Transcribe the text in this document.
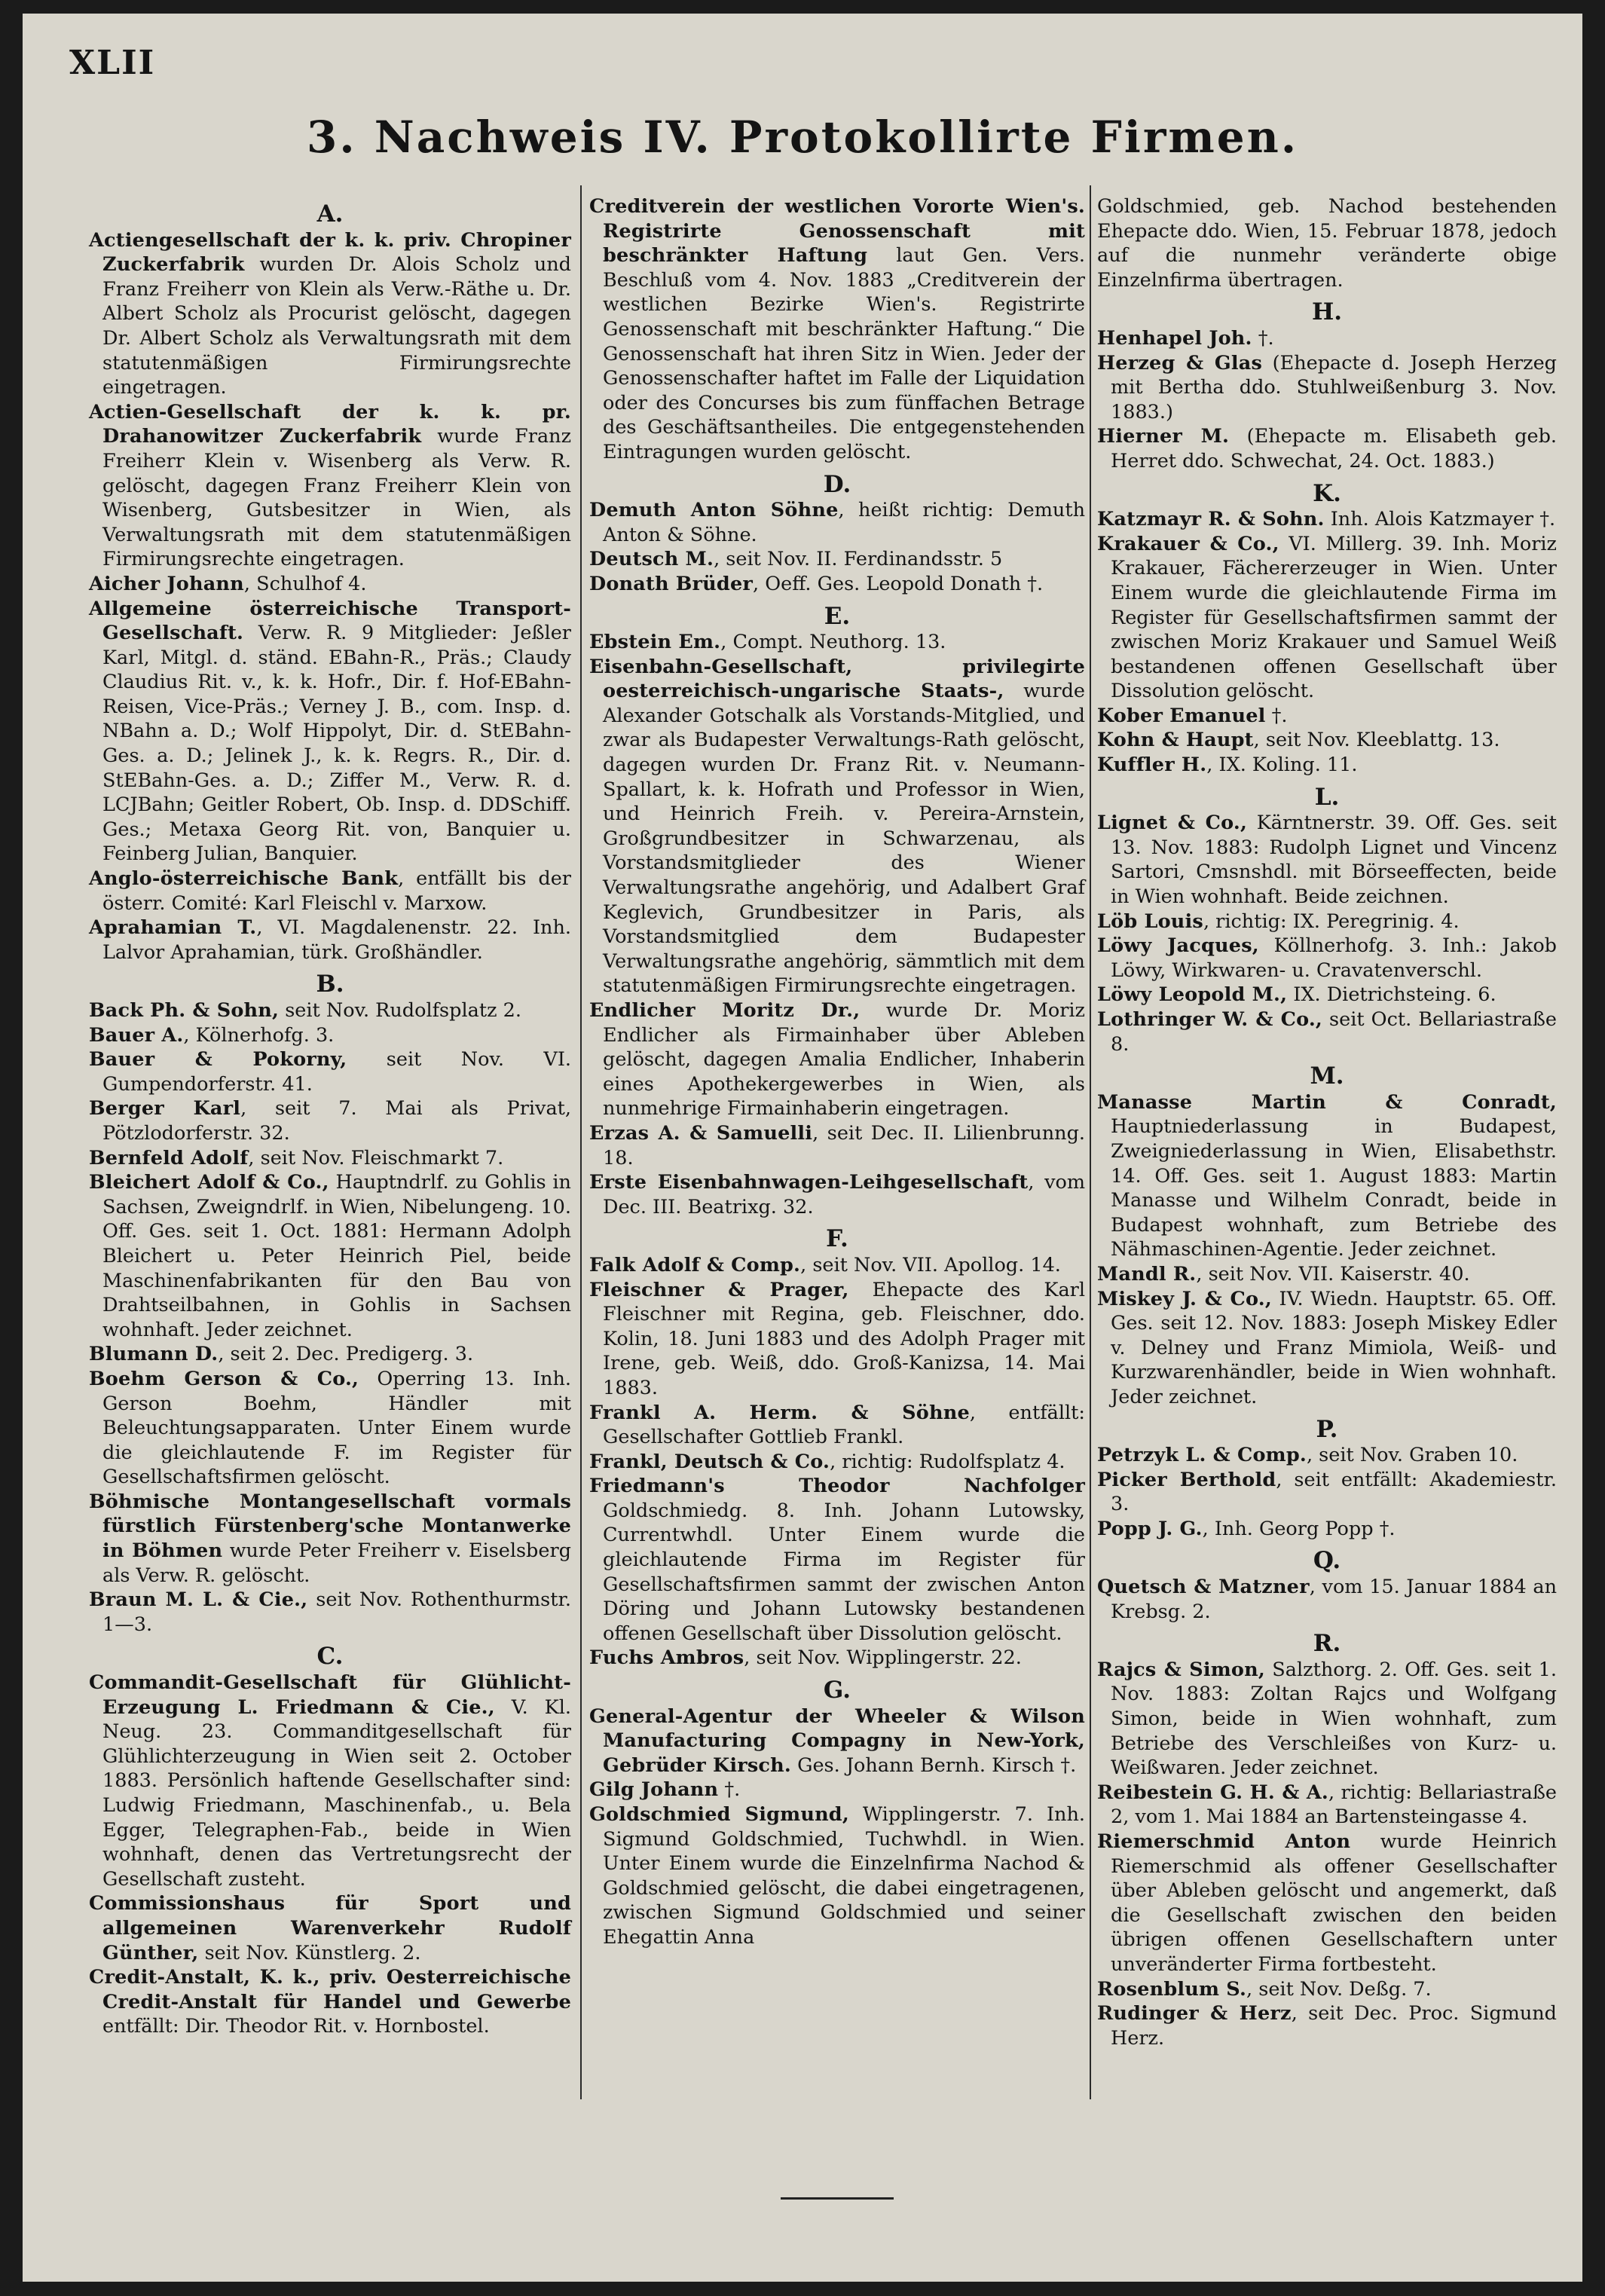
XLII
3. Nachweis IV. Protokollirte Firmen.
A.

Actiengesellschaft der k. k. priv. Chropiner Zuckerfabrik wurden Dr. Alois Scholz und Franz Freiherr von Klein als Verw.-Räthe u. Dr. Albert Scholz als Procurist gelöscht, dagegen Dr. Albert Scholz als Verwaltungsrath mit dem statutenmäßigen Firmirungsrechte eingetragen.

Actien-Gesellschaft der k. k. pr. Drahanowitzer Zuckerfabrik wurde Franz Freiherr Klein v. Wisenberg als Verw. R. gelöscht, dagegen Franz Freiherr Klein von Wisenberg, Gutsbesitzer in Wien, als Verwaltungsrath mit dem statutenmäßigen Firmirungsrechte eingetragen.

Aicher Johann, Schulhof 4.

Allgemeine österreichische Transport-Gesellschaft. Verw. R. 9 Mitglieder: Jeßler Karl, Mitgl. d. ständ. EBahn-R., Präs.; Claudy Claudius Rit. v., k. k. Hofr., Dir. f. Hof-EBahn-Reisen, Vice-Präs.; Verney J. B., com. Insp. d. NBahn a. D.; Wolf Hippolyt, Dir. d. StEBahn-Ges. a. D.; Jelinek J., k. k. Regrs. R., Dir. d. StEBahn-Ges. a. D.; Ziffer M., Verw. R. d. LCJBahn; Geitler Robert, Ob. Insp. d. DDSchiff. Ges.; Metaxa Georg Rit. von, Banquier u. Feinberg Julian, Banquier.

Anglo-österreichische Bank, entfällt bis der österr. Comité: Karl Fleischl v. Marxow.

Aprahamian T., VI. Magdalenenstr. 22. Inh. Lalvor Aprahamian, türk. Großhändler.

B.

Back Ph. & Sohn, seit Nov. Rudolfsplatz 2.

Bauer A., Kölnerhofg. 3.

Bauer & Pokorny, seit Nov. VI. Gumpendorferstr. 41.

Berger Karl, seit 7. Mai als Privat, Pötzlodorferstr. 32.

Bernfeld Adolf, seit Nov. Fleischmarkt 7.

Bleichert Adolf & Co., Hauptndrlf. zu Gohlis in Sachsen, Zweigndrlf. in Wien, Nibelungeng. 10. Off. Ges. seit 1. Oct. 1881: Hermann Adolph Bleichert u. Peter Heinrich Piel, beide Maschinenfabrikanten für den Bau von Drahtseilbahnen, in Gohlis in Sachsen wohnhaft. Jeder zeichnet.

Blumann D., seit 2. Dec. Predigerg. 3.

Boehm Gerson & Co., Operring 13. Inh. Gerson Boehm, Händler mit Beleuchtungsapparaten. Unter Einem wurde die gleichlautende F. im Register für Gesellschaftsfirmen gelöscht.

Böhmische Montangesellschaft vormals fürstlich Fürstenberg'sche Montanwerke in Böhmen wurde Peter Freiherr v. Eiselsberg als Verw. R. gelöscht.

Braun M. L. & Cie., seit Nov. Rothenthurmstr. 1—3.

C.

Commandit-Gesellschaft für Glühlicht-Erzeugung L. Friedmann & Cie., V. Kl. Neug. 23. Commanditgesellschaft für Glühlichterzeugung in Wien seit 2. October 1883. Persönlich haftende Gesellschafter sind: Ludwig Friedmann, Maschinenfab., u. Bela Egger, Telegraphen-Fab., beide in Wien wohnhaft, denen das Vertretungsrecht der Gesellschaft zusteht.

Commissionshaus für Sport und allgemeinen Warenverkehr Rudolf Günther, seit Nov. Künstlerg. 2.

Credit-Anstalt, K. k., priv. Oesterreichische Credit-Anstalt für Handel und Gewerbe entfällt: Dir. Theodor Rit. v. Hornbostel.

Creditverein der westlichen Vororte Wien's. Registrirte Genossenschaft mit beschränkter Haftung laut Gen. Vers. Beschluß vom 4. Nov. 1883 „Creditverein der westlichen Bezirke Wien's. Registrirte Genossenschaft mit beschränkter Haftung.“ Die Genossenschaft hat ihren Sitz in Wien. Jeder der Genossenschafter haftet im Falle der Liquidation oder des Concurses bis zum fünffachen Betrage des Geschäftsantheiles. Die entgegenstehenden Eintragungen wurden gelöscht.

D.

Demuth Anton Söhne, heißt richtig: Demuth Anton & Söhne.

Deutsch M., seit Nov. II. Ferdinandsstr. 5

Donath Brüder, Oeff. Ges. Leopold Donath †.

E.

Ebstein Em., Compt. Neuthorg. 13.

Eisenbahn-Gesellschaft, privilegirte oesterreichisch-ungarische Staats-, wurde Alexander Gotschalk als Vorstands-Mitglied, und zwar als Budapester Verwaltungs-Rath gelöscht, dagegen wurden Dr. Franz Rit. v. Neumann-Spallart, k. k. Hofrath und Professor in Wien, und Heinrich Freih. v. Pereira-Arnstein, Großgrundbesitzer in Schwarzenau, als Vorstandsmitglieder des Wiener Verwaltungsrathe angehörig, und Adalbert Graf Keglevich, Grundbesitzer in Paris, als Vorstandsmitglied dem Budapester Verwaltungsrathe angehörig, sämmtlich mit dem statutenmäßigen Firmirungsrechte eingetragen.

Endlicher Moritz Dr., wurde Dr. Moriz Endlicher als Firmainhaber über Ableben gelöscht, dagegen Amalia Endlicher, Inhaberin eines Apothekergewerbes in Wien, als nunmehrige Firmainhaberin eingetragen.

Erzas A. & Samuelli, seit Dec. II. Lilienbrunng. 18.

Erste Eisenbahnwagen-Leihgesellschaft, vom Dec. III. Beatrixg. 32.

F.

Falk Adolf & Comp., seit Nov. VII. Apollog. 14.

Fleischner & Prager, Ehepacte des Karl Fleischner mit Regina, geb. Fleischner, ddo. Kolin, 18. Juni 1883 und des Adolph Prager mit Irene, geb. Weiß, ddo. Groß-Kanizsa, 14. Mai 1883.

Frankl A. Herm. & Söhne, entfällt: Gesellschafter Gottlieb Frankl.

Frankl, Deutsch & Co., richtig: Rudolfsplatz 4.

Friedmann's Theodor Nachfolger Goldschmiedg. 8. Inh. Johann Lutowsky, Currentwhdl. Unter Einem wurde die gleichlautende Firma im Register für Gesellschaftsfirmen sammt der zwischen Anton Döring und Johann Lutowsky bestandenen offenen Gesellschaft über Dissolution gelöscht.

Fuchs Ambros, seit Nov. Wipplingerstr. 22.

G.

General-Agentur der Wheeler & Wilson Manufacturing Compagny in New-York, Gebrüder Kirsch. Ges. Johann Bernh. Kirsch †.

Gilg Johann †.

Goldschmied Sigmund, Wipplingerstr. 7. Inh. Sigmund Goldschmied, Tuchwhdl. in Wien. Unter Einem wurde die Einzelnfirma Nachod & Goldschmied gelöscht, die dabei eingetragenen, zwischen Sigmund Goldschmied und seiner Ehegattin Anna

Goldschmied, geb. Nachod bestehenden Ehepacte ddo. Wien, 15. Februar 1878, jedoch auf die nunmehr veränderte obige Einzelnfirma übertragen.

H.

Henhapel Joh. †.

Herzeg & Glas (Ehepacte d. Joseph Herzeg mit Bertha ddo. Stuhlweißenburg 3. Nov. 1883.)

Hierner M. (Ehepacte m. Elisabeth geb. Herret ddo. Schwechat, 24. Oct. 1883.)

K.

Katzmayr R. & Sohn. Inh. Alois Katzmayer †.

Krakauer & Co., VI. Millerg. 39. Inh. Moriz Krakauer, Fächererzeuger in Wien. Unter Einem wurde die gleichlautende Firma im Register für Gesellschaftsfirmen sammt der zwischen Moriz Krakauer und Samuel Weiß bestandenen offenen Gesellschaft über Dissolution gelöscht.

Kober Emanuel †.

Kohn & Haupt, seit Nov. Kleeblattg. 13.

Kuffler H., IX. Koling. 11.

L.

Lignet & Co., Kärntnerstr. 39. Off. Ges. seit 13. Nov. 1883: Rudolph Lignet und Vincenz Sartori, Cmsnshdl. mit Börseeffecten, beide in Wien wohnhaft. Beide zeichnen.

Löb Louis, richtig: IX. Peregrinig. 4.

Löwy Jacques, Köllnerhofg. 3. Inh.: Jakob Löwy, Wirkwaren- u. Cravatenverschl.

Löwy Leopold M., IX. Dietrichsteing. 6.

Lothringer W. & Co., seit Oct. Bellariastraße 8.

M.

Manasse Martin & Conradt, Hauptniederlassung in Budapest, Zweigniederlassung in Wien, Elisabethstr. 14. Off. Ges. seit 1. August 1883: Martin Manasse und Wilhelm Conradt, beide in Budapest wohnhaft, zum Betriebe des Nähmaschinen-Agentie. Jeder zeichnet.

Mandl R., seit Nov. VII. Kaiserstr. 40.

Miskey J. & Co., IV. Wiedn. Hauptstr. 65. Off. Ges. seit 12. Nov. 1883: Joseph Miskey Edler v. Delney und Franz Mimiola, Weiß- und Kurzwarenhändler, beide in Wien wohnhaft. Jeder zeichnet.

P.

Petrzyk L. & Comp., seit Nov. Graben 10.

Picker Berthold, seit entfällt: Akademiestr. 3.

Popp J. G., Inh. Georg Popp †.

Q.

Quetsch & Matzner, vom 15. Januar 1884 an Krebsg. 2.

R.

Rajcs & Simon, Salzthorg. 2. Off. Ges. seit 1. Nov. 1883: Zoltan Rajcs und Wolfgang Simon, beide in Wien wohnhaft, zum Betriebe des Verschleißes von Kurz- u. Weißwaren. Jeder zeichnet.

Reibestein G. H. & A., richtig: Bellariastraße 2, vom 1. Mai 1884 an Bartensteingasse 4.

Riemerschmid Anton wurde Heinrich Riemerschmid als offener Gesellschafter über Ableben gelöscht und angemerkt, daß die Gesellschaft zwischen den beiden übrigen offenen Gesellschaftern unter unveränderter Firma fortbesteht.

Rosenblum S., seit Nov. Deßg. 7.

Rudinger & Herz, seit Dec. Proc. Sigmund Herz.
